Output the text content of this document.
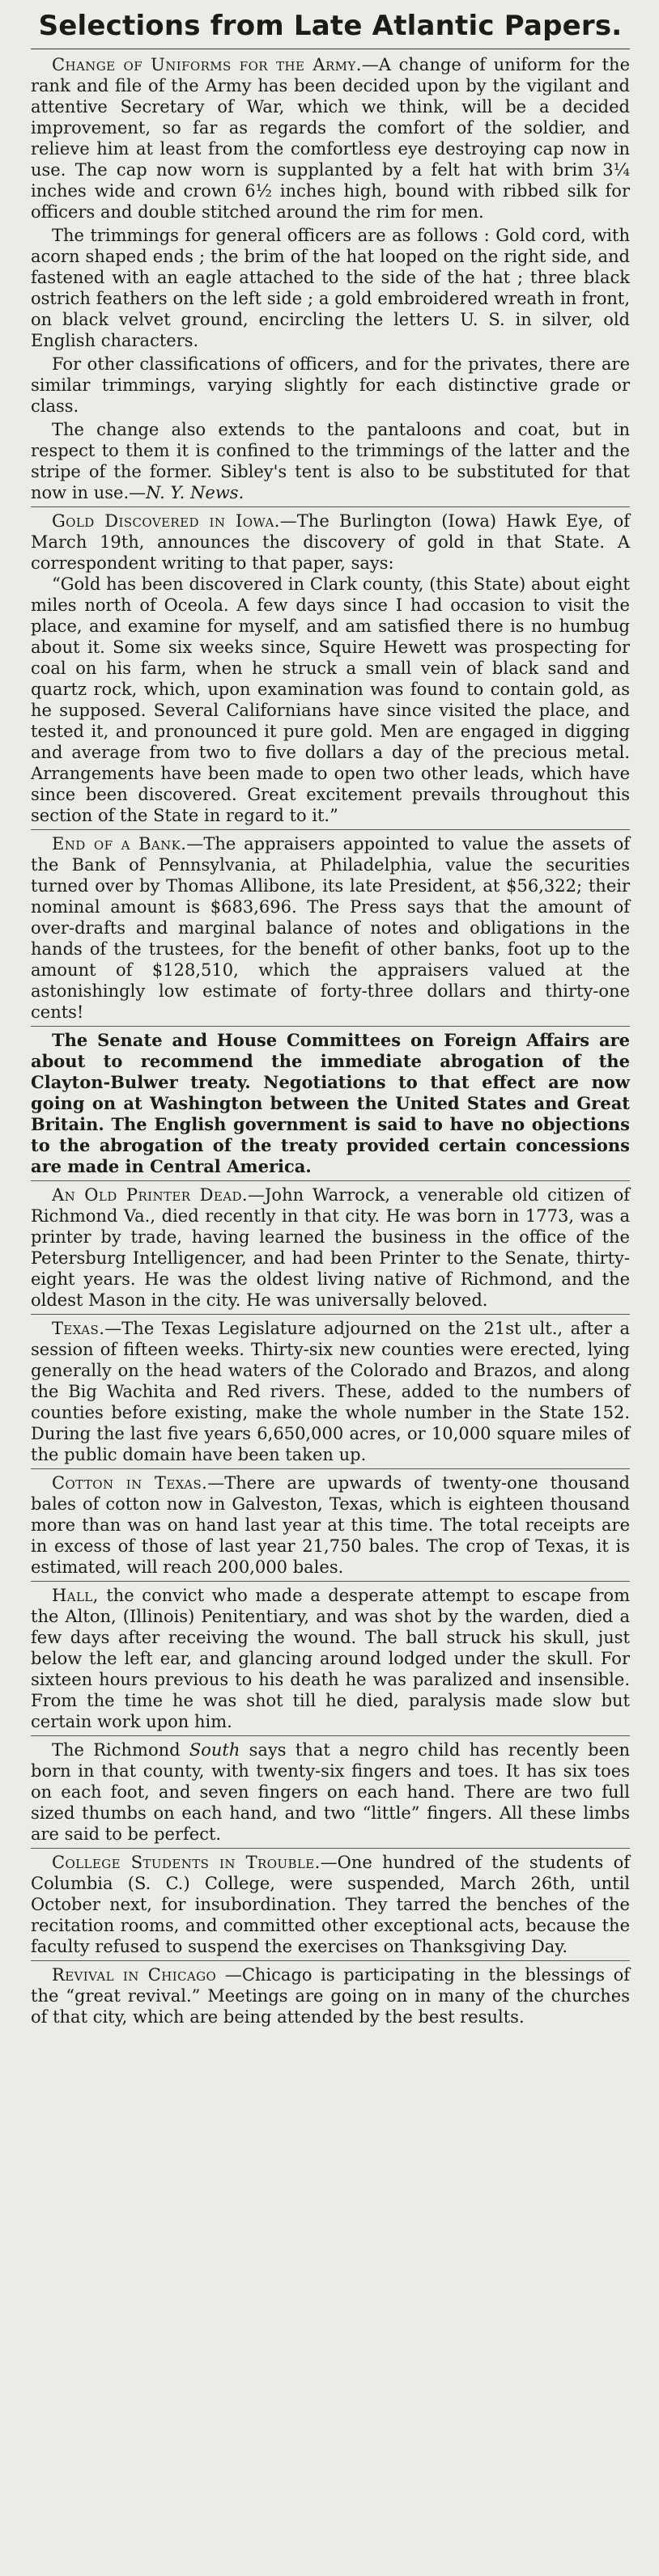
Selections from Late Atlantic Papers.

Change of Uniforms for the Army.—A change of uniform for the rank and file of the Army has been decided upon by the vigilant and attentive Secretary of War, which we think, will be a decided improvement, so far as regards the comfort of the soldier, and relieve him at least from the comfortless eye destroying cap now in use. The cap now worn is supplanted by a felt hat with brim 3¼ inches wide and crown 6½ inches high, bound with ribbed silk for officers and double stitched around the rim for men.

The trimmings for general officers are as follows : Gold cord, with acorn shaped ends ; the brim of the hat looped on the right side, and fastened with an eagle attached to the side of the hat ; three black ostrich feathers on the left side ; a gold embroidered wreath in front, on black velvet ground, encircling the letters U. S. in silver, old English characters.

For other classifications of officers, and for the privates, there are similar trimmings, varying slightly for each distinctive grade or class.

The change also extends to the pantaloons and coat, but in respect to them it is confined to the trimmings of the latter and the stripe of the former. Sibley's tent is also to be substituted for that now in use.—N. Y. News.

Gold Discovered in Iowa.—The Burlington (Iowa) Hawk Eye, of March 19th, announces the discovery of gold in that State. A correspondent writing to that paper, says:

“Gold has been discovered in Clark county, (this State) about eight miles north of Oceola. A few days since I had occasion to visit the place, and examine for myself, and am satisfied there is no humbug about it. Some six weeks since, Squire Hewett was prospecting for coal on his farm, when he struck a small vein of black sand and quartz rock, which, upon examination was found to contain gold, as he supposed. Several Californians have since visited the place, and tested it, and pronounced it pure gold. Men are engaged in digging and average from two to five dollars a day of the precious metal. Arrangements have been made to open two other leads, which have since been discovered. Great excitement prevails throughout this section of the State in regard to it.”

End of a Bank.—The appraisers appointed to value the assets of the Bank of Pennsylvania, at Philadelphia, value the securities turned over by Thomas Allibone, its late President, at $56,322; their nominal amount is $683,696. The Press says that the amount of over-drafts and marginal balance of notes and obligations in the hands of the trustees, for the benefit of other banks, foot up to the amount of $128,510, which the appraisers valued at the astonishingly low estimate of forty-three dollars and thirty-one cents!

The Senate and House Committees on Foreign Affairs are about to recommend the immediate abrogation of the Clayton-Bulwer treaty. Negotiations to that effect are now going on at Washington between the United States and Great Britain. The English government is said to have no objections to the abrogation of the treaty provided certain concessions are made in Central America.

An Old Printer Dead.—John Warrock, a venerable old citizen of Richmond Va., died recently in that city. He was born in 1773, was a printer by trade, having learned the business in the office of the Petersburg Intelligencer, and had been Printer to the Senate, thirty-eight years. He was the oldest living native of Richmond, and the oldest Mason in the city. He was universally beloved.

Texas.—The Texas Legislature adjourned on the 21st ult., after a session of fifteen weeks. Thirty-six new counties were erected, lying generally on the head waters of the Colorado and Brazos, and along the Big Wachita and Red rivers. These, added to the numbers of counties before existing, make the whole number in the State 152. During the last five years 6,650,000 acres, or 10,000 square miles of the public domain have been taken up.

Cotton in Texas.—There are upwards of twenty-one thousand bales of cotton now in Galveston, Texas, which is eighteen thousand more than was on hand last year at this time. The total receipts are in excess of those of last year 21,750 bales. The crop of Texas, it is estimated, will reach 200,000 bales.

Hall, the convict who made a desperate attempt to escape from the Alton, (Illinois) Penitentiary, and was shot by the warden, died a few days after receiving the wound. The ball struck his skull, just below the left ear, and glancing around lodged under the skull. For sixteen hours previous to his death he was paralized and insensible. From the time he was shot till he died, paralysis made slow but certain work upon him.

The Richmond South says that a negro child has recently been born in that county, with twenty-six fingers and toes. It has six toes on each foot, and seven fingers on each hand. There are two full sized thumbs on each hand, and two “little” fingers. All these limbs are said to be perfect.

College Students in Trouble.—One hundred of the students of Columbia (S. C.) College, were suspended, March 26th, until October next, for insubordination. They tarred the benches of the recitation rooms, and committed other exceptional acts, because the faculty refused to suspend the exercises on Thanksgiving Day.

Revival in Chicago —Chicago is participating in the blessings of the “great revival.” Meetings are going on in many of the churches of that city, which are being attended by the best results.
